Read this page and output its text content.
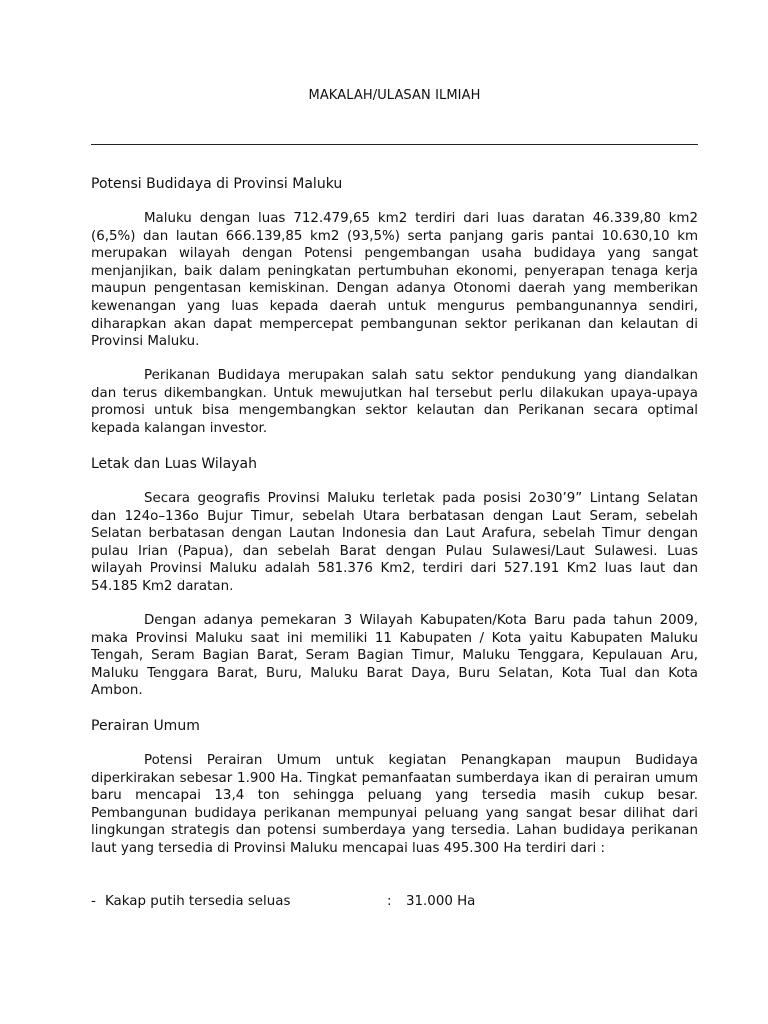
MAKALAH/ULASAN ILMIAH
Potensi Budidaya di Provinsi Maluku

Maluku dengan luas 712.479,65 km2 terdiri dari luas daratan 46.339,80 km2 (6,5%) dan lautan 666.139,85 km2 (93,5%) serta panjang garis pantai 10.630,10 km merupakan wilayah dengan Potensi pengembangan usaha budidaya yang sangat menjanjikan, baik dalam peningkatan pertumbuhan ekonomi, penyerapan tenaga kerja maupun pengentasan kemiskinan. Dengan adanya Otonomi daerah yang memberikan kewenangan yang luas kepada daerah untuk mengurus pembangunannya sendiri, diharapkan akan dapat mempercepat pembangunan sektor perikanan dan kelautan di Provinsi Maluku.

Perikanan Budidaya merupakan salah satu sektor pendukung yang diandalkan dan terus dikembangkan. Untuk mewujutkan hal tersebut perlu dilakukan upaya-upaya promosi untuk bisa mengembangkan sektor kelautan dan Perikanan secara optimal kepada kalangan investor.

Letak dan Luas Wilayah

Secara geografis Provinsi Maluku terletak pada posisi 2o30’9” Lintang Selatan dan 124o–136o Bujur Timur, sebelah Utara berbatasan dengan Laut Seram, sebelah Selatan berbatasan dengan Lautan Indonesia dan Laut Arafura, sebelah Timur dengan pulau Irian (Papua), dan sebelah Barat dengan Pulau Sulawesi/Laut Sulawesi. Luas wilayah Provinsi Maluku adalah 581.376 Km2, terdiri dari 527.191 Km2 luas laut dan 54.185 Km2 daratan.

Dengan adanya pemekaran 3 Wilayah Kabupaten/Kota Baru pada tahun 2009, maka Provinsi Maluku saat ini memiliki 11 Kabupaten / Kota yaitu Kabupaten Maluku Tengah, Seram Bagian Barat, Seram Bagian Timur, Maluku Tenggara, Kepulauan Aru, Maluku Tenggara Barat, Buru, Maluku Barat Daya, Buru Selatan, Kota Tual dan Kota Ambon.

Perairan Umum

Potensi Perairan Umum untuk kegiatan Penangkapan maupun Budidaya diperkirakan sebesar 1.900 Ha. Tingkat pemanfaatan sumberdaya ikan di perairan umum baru mencapai 13,4 ton sehingga peluang yang tersedia masih cukup besar. Pembangunan budidaya perikanan mempunyai peluang yang sangat besar dilihat dari lingkungan strategis dan potensi sumberdaya yang tersedia. Lahan budidaya perikanan laut yang tersedia di Provinsi Maluku mencapai luas 495.300 Ha terdiri dari :

- Kakap putih tersedia seluas	: 31.000 Ha
